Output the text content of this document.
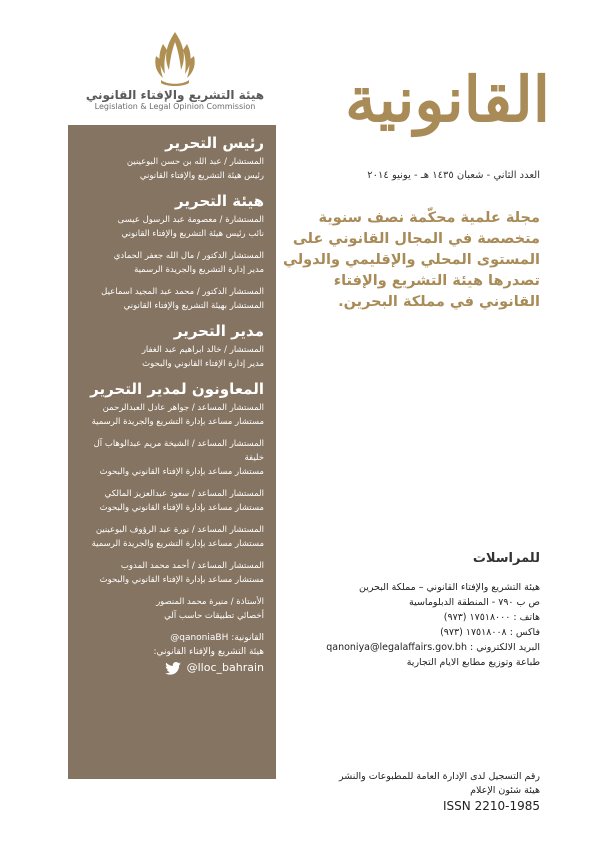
هيئة التشريع والإفتاء القانوني
Legislation & Legal Opinion Commission القانونية
العدد الثاني - شعبان ١٤٣٥ هـ - يونيو ٢٠١٤
مجلة علمية محكّمة نصف سنوية متخصصة في المجال القانوني على المستوى المحلي والإقليمي والدولي تصدرها هيئة التشريع والإفتاء القانوني في مملكة البحرين.
رئيس التحرير
المستشار / عبد الله بن حسن البوعينين
رئيس هيئة التشريع والإفتاء القانوني
هيئة التحرير
المستشارة / معصومة عبد الرسول عيسى
نائب رئيس هيئة التشريع والإفتاء القانوني
المستشار الدكتور / مال الله جعفر الحمادي
مدير إدارة التشريع والجريدة الرسمية
المستشار الدكتور / محمد عبد المجيد اسماعيل
المستشار بهيئة التشريع والإفتاء القانوني
مدير التحرير
المستشار / خالد ابراهيم عبد الغفار
مدير إدارة الإفتاء القانوني والبحوث
المعاونون لمدير التحرير
المستشار المساعد / جواهر عادل العبدالرحمن
مستشار مساعد بإدارة التشريع والجريدة الرسمية
المستشار المساعد / الشيخة مريم عبدالوهاب آل خليفة
مستشار مساعد بإدارة الإفتاء القانوني والبحوث
المستشار المساعد / سعود عبدالعزيز المالكي
مستشار مساعد بإدارة الإفتاء القانوني والبحوث
المستشار المساعد / نورة عبد الرؤوف البوعينين
مستشار مساعد بإدارة التشريع والجريدة الرسمية
المستشار المساعد / أحمد محمد المدوب
مستشار مساعد بإدارة الإفتاء القانوني والبحوث
الأستاذة / منيرة محمد المنصور
أخصائي تطبيقات حاسب آلي
القانونية: @qanoniaBH
هيئة التشريع والإفتاء القانوني:
@lloc_bahrain
للمراسلات
هيئة التشريع والإفتاء القانوني – مملكة البحرين
ص ب ٧٩٠ - المنطقة الدبلوماسية
هاتف : ١٧٥١٨٠٠٠ (٩٧٣)
فاكس : ١٧٥١٨٠٠٨ (٩٧٣)
البريد الالكتروني : qanoniya@legalaffairs.gov.bh
طباعة وتوزيع مطابع الايام التجارية
رقم التسجيل لدى الإدارة العامة للمطبوعات والنشر
هيئة شئون الإعلام
ISSN 2210-1985
